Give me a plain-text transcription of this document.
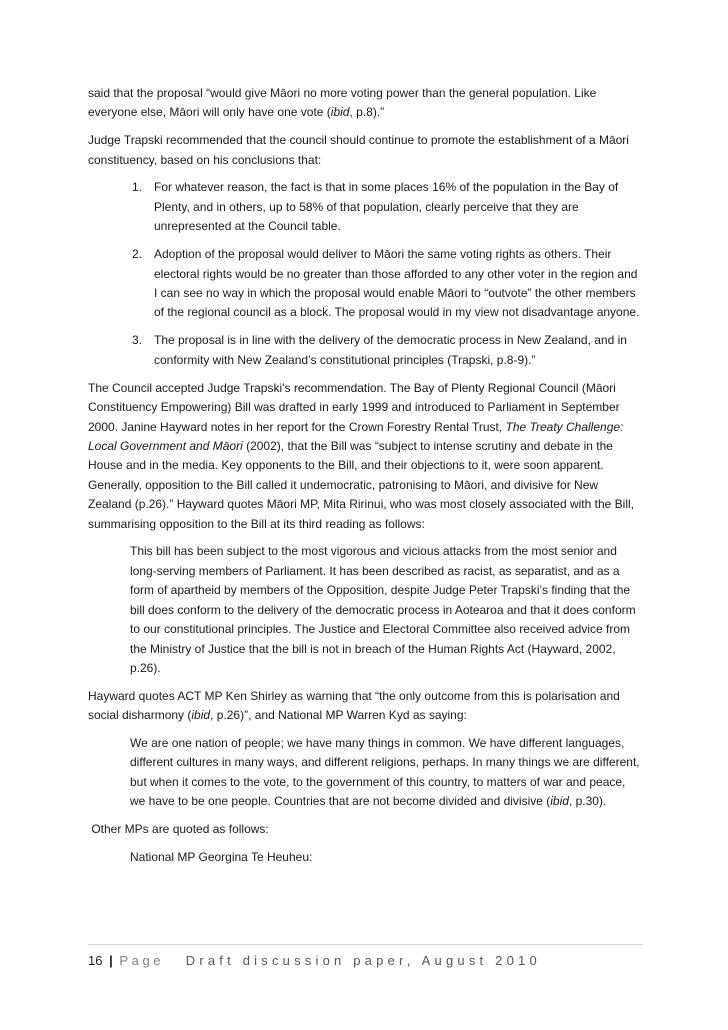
said that the proposal “would give Māori no more voting power than the general population. Like everyone else, Māori will only have one vote (ibid, p.8).”

Judge Trapski recommended that the council should continue to promote the establishment of a Māori constituency, based on his conclusions that:

1. For whatever reason, the fact is that in some places 16% of the population in the Bay of Plenty, and in others, up to 58% of that population, clearly perceive that they are unrepresented at the Council table.
2. Adoption of the proposal would deliver to Māori the same voting rights as others. Their electoral rights would be no greater than those afforded to any other voter in the region and I can see no way in which the proposal would enable Māori to “outvote” the other members of the regional council as a block. The proposal would in my view not disadvantage anyone.
3. The proposal is in line with the delivery of the democratic process in New Zealand, and in conformity with New Zealand’s constitutional principles (Trapski, p.8-9).”

The Council accepted Judge Trapski’s recommendation. The Bay of Plenty Regional Council (Māori Constituency Empowering) Bill was drafted in early 1999 and introduced to Parliament in September 2000. Janine Hayward notes in her report for the Crown Forestry Rental Trust, The Treaty Challenge: Local Government and Māori (2002), that the Bill was “subject to intense scrutiny and debate in the House and in the media. Key opponents to the Bill, and their objections to it, were soon apparent. Generally, opposition to the Bill called it undemocratic, patronising to Māori, and divisive for New Zealand (p.26).” Hayward quotes Māori MP, Mita Ririnui, who was most closely associated with the Bill, summarising opposition to the Bill at its third reading as follows:

This bill has been subject to the most vigorous and vicious attacks from the most senior and long-serving members of Parliament. It has been described as racist, as separatist, and as a form of apartheid by members of the Opposition, despite Judge Peter Trapski’s finding that the bill does conform to the delivery of the democratic process in Aotearoa and that it does conform to our constitutional principles. The Justice and Electoral Committee also received advice from the Ministry of Justice that the bill is not in breach of the Human Rights Act (Hayward, 2002, p.26).

Hayward quotes ACT MP Ken Shirley as warning that “the only outcome from this is polarisation and social disharmony (ibid, p.26)”, and National MP Warren Kyd as saying:

We are one nation of people; we have many things in common. We have different languages, different cultures in many ways, and different religions, perhaps. In many things we are different, but when it comes to the vote, to the government of this country, to matters of war and peace, we have to be one people. Countries that are not become divided and divisive (ibid, p.30).

Other MPs are quoted as follows:

National MP Georgina Te Heuheu:

16 | Page Draft discussion paper, August 2010
